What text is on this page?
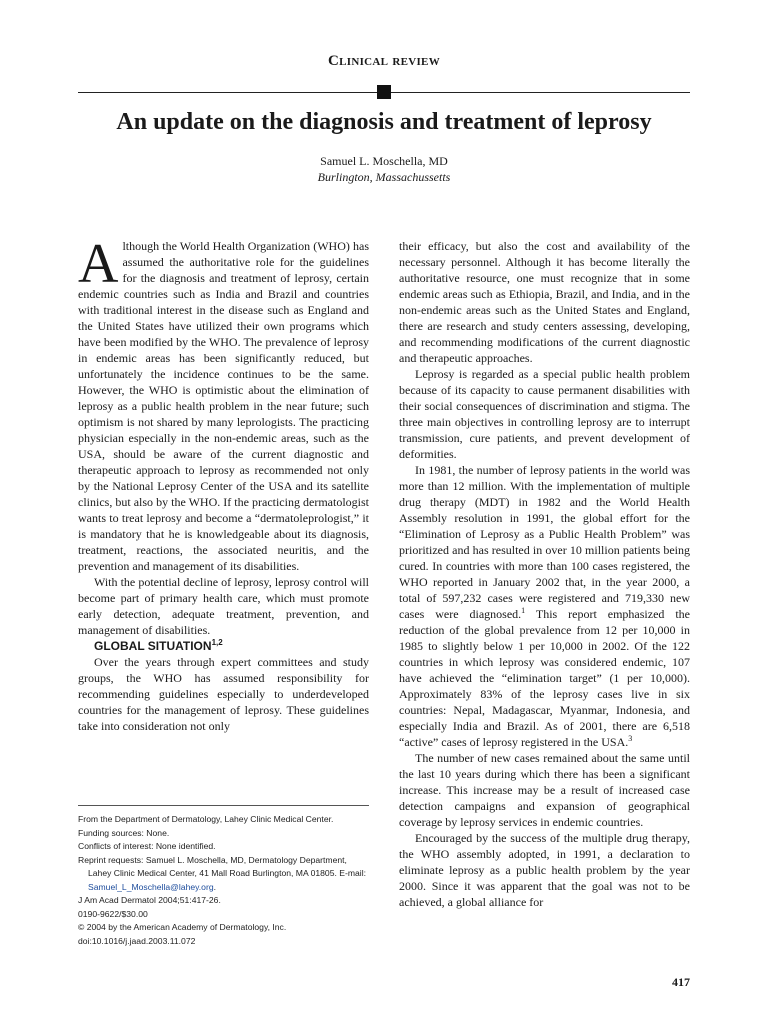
Clinical review
An update on the diagnosis and treatment of leprosy
Samuel L. Moschella, MD
Burlington, Massachussetts

Although the World Health Organization (WHO) has assumed the authoritative role for the guidelines for the diagnosis and treatment of leprosy, certain endemic countries such as India and Brazil and countries with traditional interest in the disease such as England and the United States have utilized their own programs which have been modified by the WHO. The prevalence of leprosy in endemic areas has been significantly reduced, but unfortunately the incidence continues to be the same. However, the WHO is optimistic about the elimination of leprosy as a public health problem in the near future; such optimism is not shared by many leprologists. The practicing physician especially in the non-endemic areas, such as the USA, should be aware of the current diagnostic and therapeutic approach to leprosy as recommended not only by the National Leprosy Center of the USA and its satellite clinics, but also by the WHO. If the practicing dermatologist wants to treat leprosy and become a “dermatoleprologist,” it is mandatory that he is knowledgeable about its diagnosis, treatment, reactions, the associated neuritis, and the prevention and management of its disabilities.

With the potential decline of leprosy, leprosy control will become part of primary health care, which must promote early detection, adequate treatment, prevention, and management of disabilities.

GLOBAL SITUATION$^{1,2}$

Over the years through expert committees and study groups, the WHO has assumed responsibility for recommending guidelines especially to underdeveloped countries for the management of leprosy. These guidelines take into consideration not only

their efficacy, but also the cost and availability of the necessary personnel. Although it has become literally the authoritative resource, one must recognize that in some endemic areas such as Ethiopia, Brazil, and India, and in the non-endemic areas such as the United States and England, there are research and study centers assessing, developing, and recommending modifications of the current diagnostic and therapeutic approaches.

Leprosy is regarded as a special public health problem because of its capacity to cause permanent disabilities with their social consequences of discrimination and stigma. The three main objectives in controlling leprosy are to interrupt transmission, cure patients, and prevent development of deformities.

In 1981, the number of leprosy patients in the world was more than 12 million. With the implementation of multiple drug therapy (MDT) in 1982 and the World Health Assembly resolution in 1991, the global effort for the “Elimination of Leprosy as a Public Health Problem” was prioritized and has resulted in over 10 million patients being cured. In countries with more than 100 cases registered, the WHO reported in January 2002 that, in the year 2000, a total of 597,232 cases were registered and 719,330 new cases were diagnosed.$^1$ This report emphasized the reduction of the global prevalence from 12 per 10,000 in 1985 to slightly below 1 per 10,000 in 2002. Of the 122 countries in which leprosy was considered endemic, 107 have achieved the “elimination target” (1 per 10,000). Approximately 83% of the leprosy cases live in six countries: Nepal, Madagascar, Myanmar, Indonesia, and especially India and Brazil. As of 2001, there are 6,518 “active” cases of leprosy registered in the USA.$^3$

The number of new cases remained about the same until the last 10 years during which there has been a significant increase. This increase may be a result of increased case detection campaigns and expansion of geographical coverage by leprosy services in endemic countries.

Encouraged by the success of the multiple drug therapy, the WHO assembly adopted, in 1991, a declaration to eliminate leprosy as a public health problem by the year 2000. Since it was apparent that the goal was not to be achieved, a global alliance for

From the Department of Dermatology, Lahey Clinic Medical Center.
Funding sources: None.
Conflicts of interest: None identified.
Reprint requests: Samuel L. Moschella, MD, Dermatology Department, Lahey Clinic Medical Center, 41 Mall Road Burlington, MA 01805. E-mail: Samuel_L_Moschella@lahey.org.
J Am Acad Dermatol 2004;51:417-26.
0190-9622/$30.00
© 2004 by the American Academy of Dermatology, Inc.
doi:10.1016/j.jaad.2003.11.072
417
